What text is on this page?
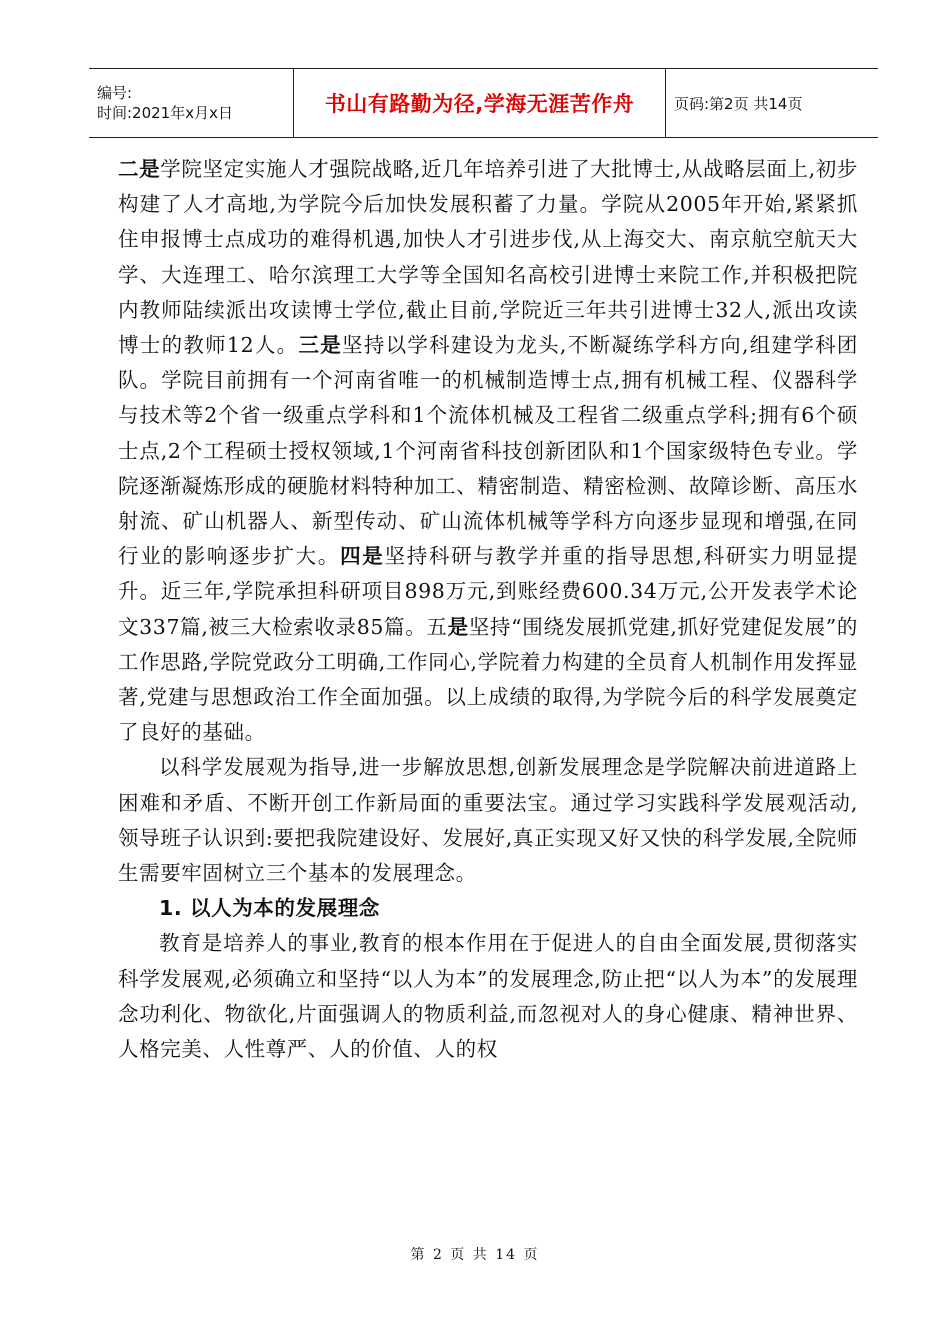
编号:
时间:2021年x月x日	书山有路勤为径,学海无涯苦作舟	页码:第2页 共14页

二是学院坚定实施人才强院战略,近几年培养引进了大批博士,从战略层面上,初步构建了人才高地,为学院今后加快发展积蓄了力量。学院从2005年开始,紧紧抓住申报博士点成功的难得机遇,加快人才引进步伐,从上海交大、南京航空航天大学、大连理工、哈尔滨理工大学等全国知名高校引进博士来院工作,并积极把院内教师陆续派出攻读博士学位,截止目前,学院近三年共引进博士32人,派出攻读博士的教师12人。三是坚持以学科建设为龙头,不断凝练学科方向,组建学科团队。学院目前拥有一个河南省唯一的机械制造博士点,拥有机械工程、仪器科学与技术等2个省一级重点学科和1个流体机械及工程省二级重点学科;拥有6个硕士点,2个工程硕士授权领域,1个河南省科技创新团队和1个国家级特色专业。学院逐渐凝炼形成的硬脆材料特种加工、精密制造、精密检测、故障诊断、高压水射流、矿山机器人、新型传动、矿山流体机械等学科方向逐步显现和增强,在同行业的影响逐步扩大。四是坚持科研与教学并重的指导思想,科研实力明显提升。近三年,学院承担科研项目898万元,到账经费600.34万元,公开发表学术论文337篇,被三大检索收录85篇。五是坚持“围绕发展抓党建,抓好党建促发展”的工作思路,学院党政分工明确,工作同心,学院着力构建的全员育人机制作用发挥显著,党建与思想政治工作全面加强。以上成绩的取得,为学院今后的科学发展奠定了良好的基础。

以科学发展观为指导,进一步解放思想,创新发展理念是学院解决前进道路上困难和矛盾、不断开创工作新局面的重要法宝。通过学习实践科学发展观活动,领导班子认识到:要把我院建设好、发展好,真正实现又好又快的科学发展,全院师生需要牢固树立三个基本的发展理念。

1. 以人为本的发展理念

教育是培养人的事业,教育的根本作用在于促进人的自由全面发展,贯彻落实科学发展观,必须确立和坚持“以人为本”的发展理念,防止把“以人为本”的发展理念功利化、物欲化,片面强调人的物质利益,而忽视对人的身心健康、精神世界、人格完美、人性尊严、人的价值、人的权

第 2 页 共 14 页
